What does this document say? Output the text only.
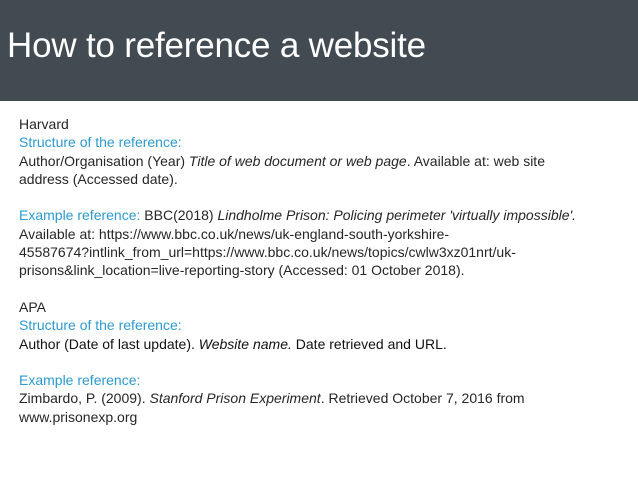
How to reference a website
Harvard
Structure of the reference:
Author/Organisation (Year) Title of web document or web page. Available at: web site
address (Accessed date).
Example reference: BBC(2018) Lindholme Prison: Policing perimeter 'virtually impossible'.
Available at: https://www.bbc.co.uk/news/uk-england-south-yorkshire-
45587674?intlink_from_url=https://www.bbc.co.uk/news/topics/cwlw3xz01nrt/uk-
prisons&link_location=live-reporting-story (Accessed: 01 October 2018).
APA
Structure of the reference:
Author (Date of last update). Website name. Date retrieved and URL.
Example reference:
Zimbardo, P. (2009). Stanford Prison Experiment. Retrieved October 7, 2016 from
www.prisonexp.org
